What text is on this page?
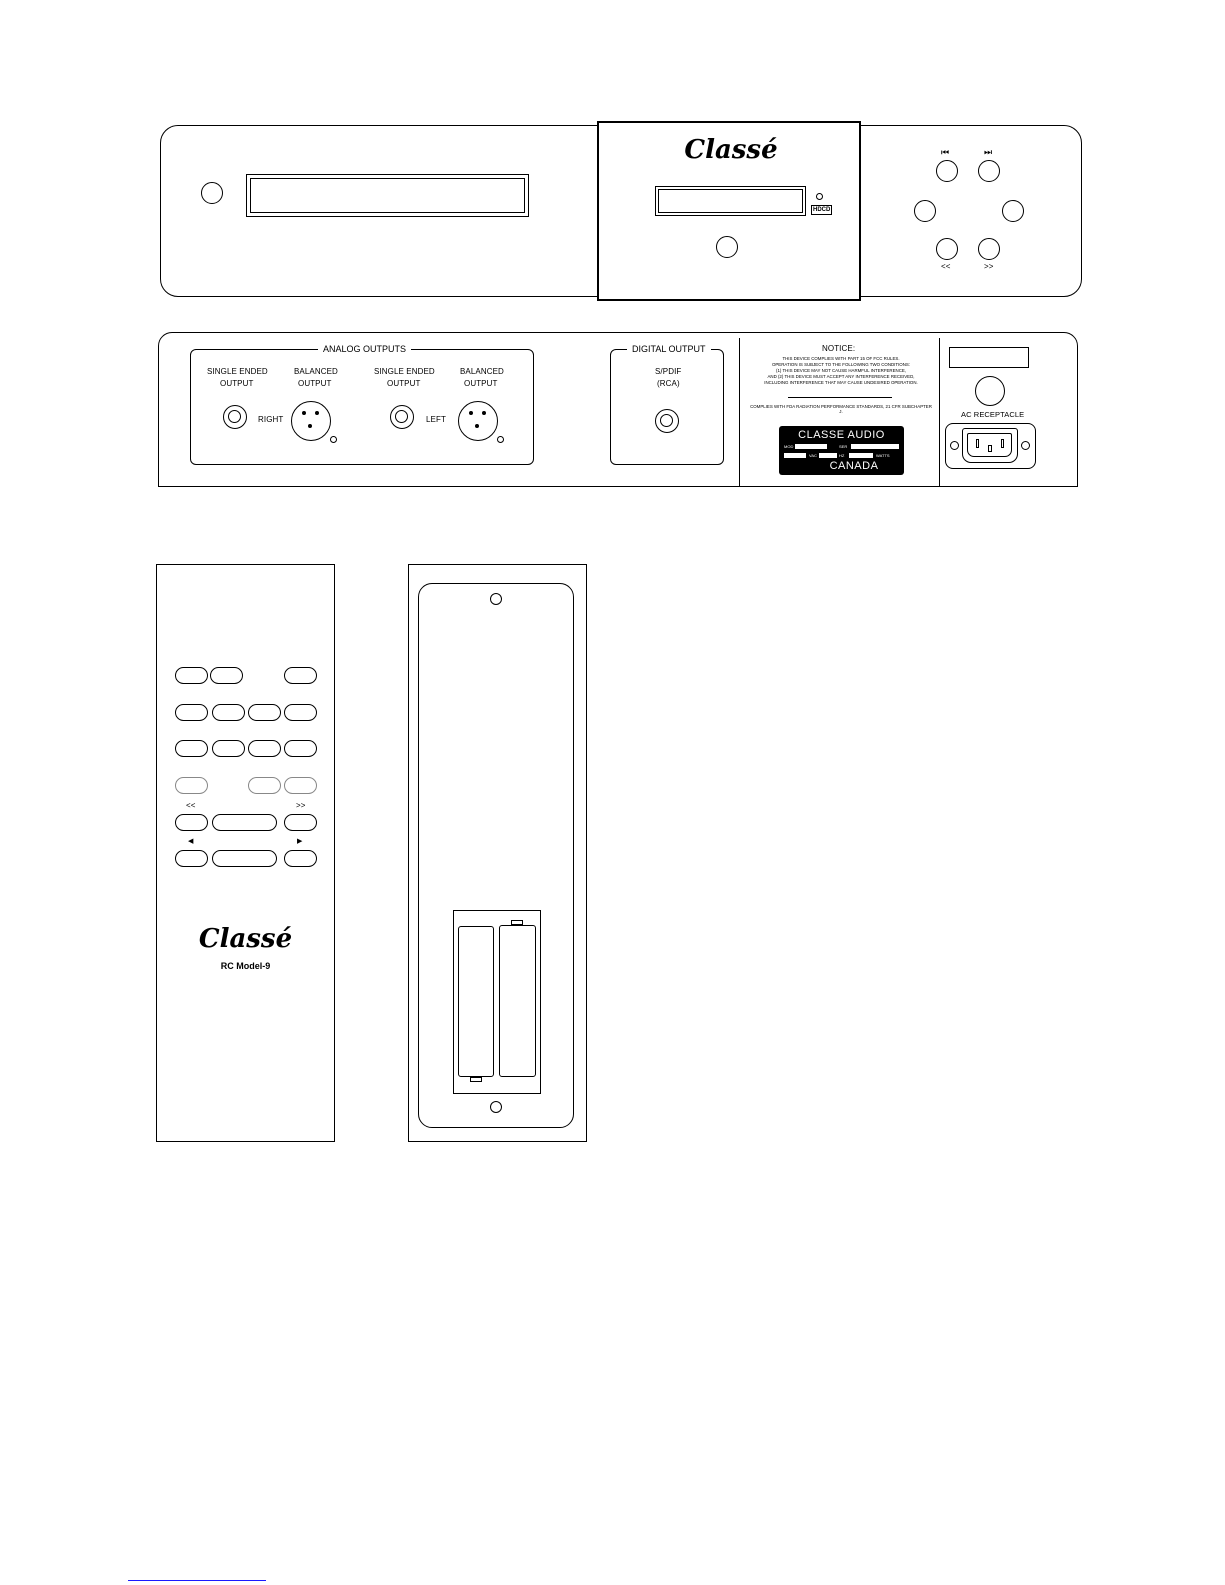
Classé
HDCD
⏮	⏭
<<	>>
ANALOG OUTPUTS
SINGLE ENDED
OUTPUT
BALANCED
OUTPUT
SINGLE ENDED
OUTPUT
BALANCED
OUTPUT
RIGHT	LEFT
DIGITAL OUTPUT
S/PDIF
(RCA)
NOTICE:
THIS DEVICE COMPLIES WITH PART 15 OF FCC RULES.
OPERATION IS SUBJECT TO THE FOLLOWING TWO CONDITIONS:
(1) THIS DEVICE MAY NOT CAUSE HARMFUL INTERFERENCE,
AND (2) THIS DEVICE MUST ACCEPT ANY INTERFERENCE RECEIVED,
INCLUDING INTERFERENCE THAT MAY CAUSE UNDESIRED OPERATION.
COMPLIES WITH FDA RADIATION PERFORMANCE STANDARDS, 21 CFR SUBCHAPTER J.
CLASSE AUDIO
MOD	SER
VAC	HZ	WATTS
CANADA
AC RECEPTACLE
<<	>>
◀	▶
Classé
RC Model-9
